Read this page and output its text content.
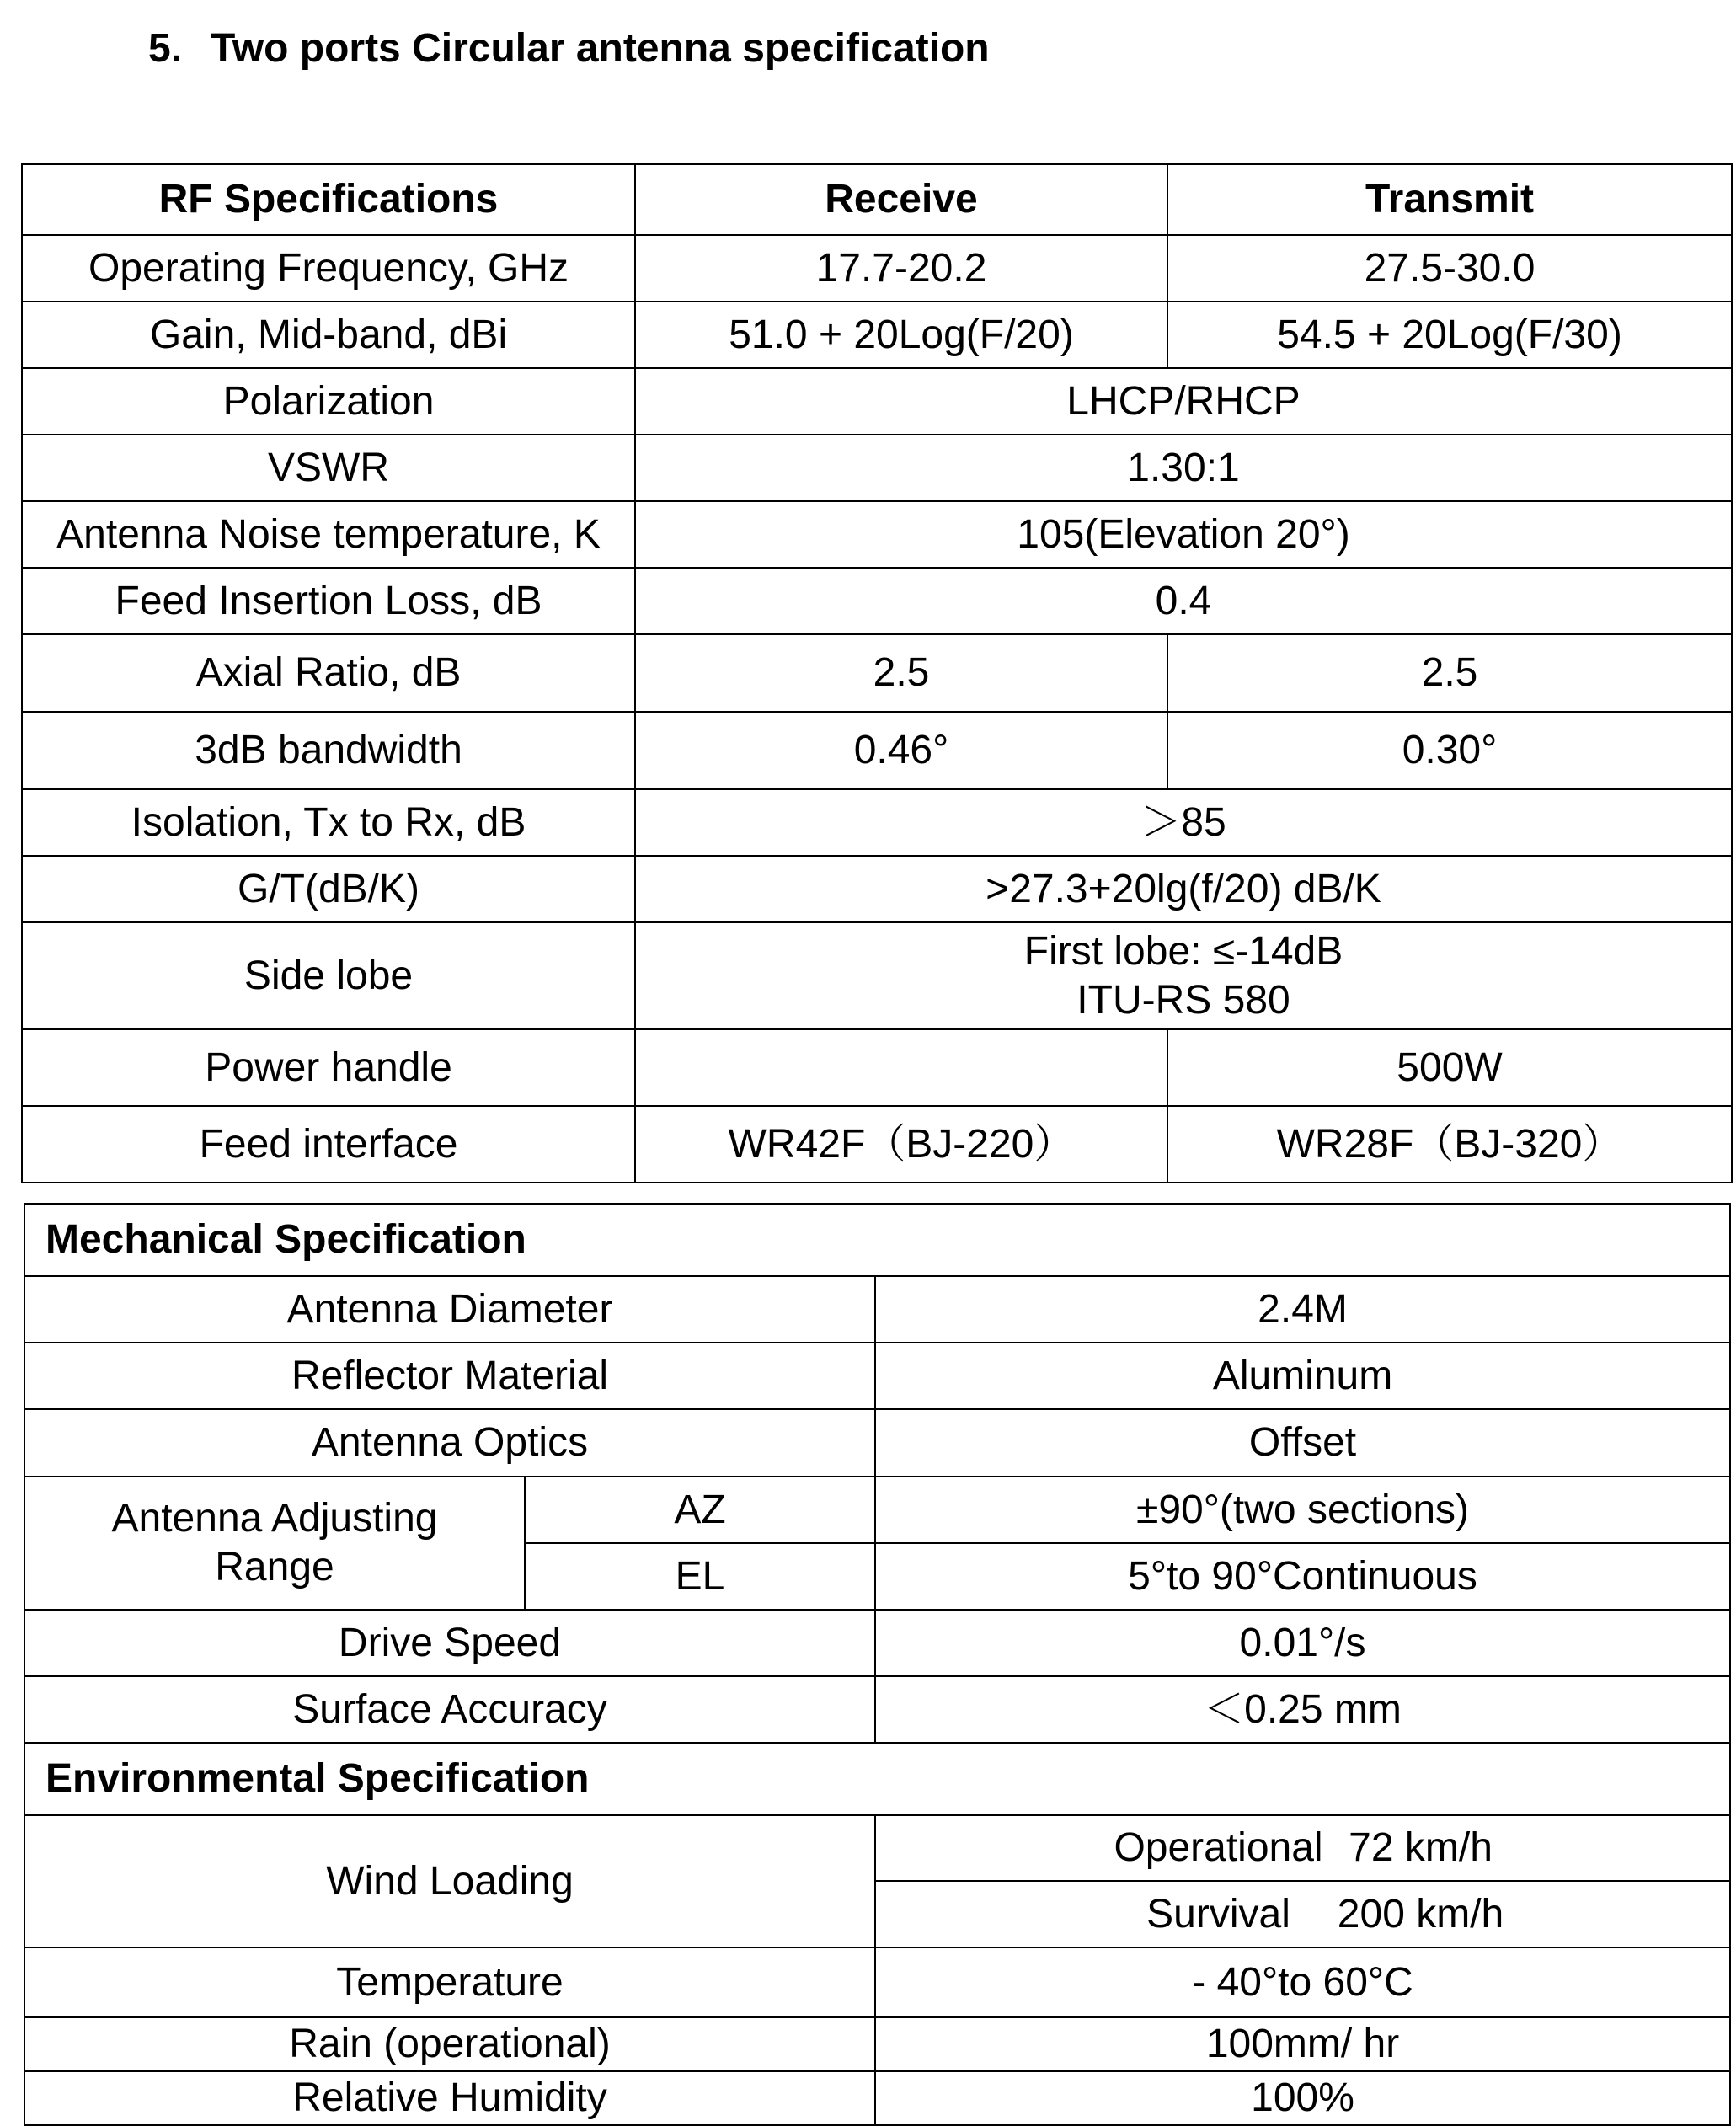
5. Two ports Circular antenna specification
RF Specifications	Receive	Transmit
Operating Frequency, GHz	17.7-20.2	27.5-30.0
Gain, Mid-band, dBi	51.0 + 20Log(F/20)	54.5 + 20Log(F/30)
Polarization	LHCP/RHCP	
VSWR	1.30:1	
Antenna Noise temperature, K	105(Elevation 20°)	
Feed Insertion Loss, dB	0.4	
Axial Ratio, dB	2.5	2.5
3dB bandwidth	0.46°	0.30°
Isolation, Tx to Rx, dB	＞85	
G/T(dB/K)	>27.3+20lg(f/20) dB/K	
Side lobe	First lobe: ≤-14dB
ITU-RS 580	

Power handle		500W
Feed interface	WR42F（BJ-220）	WR28F（BJ-320）
Mechanical Specification		
Antenna Diameter		2.4M
Reflector Material		Aluminum
Antenna Optics		Offset
Antenna Adjusting Range	AZ	±90°(two sections)
	EL	5°to 90°Continuous
Drive Speed		0.01°/s
Surface Accuracy		＜0.25 mm
Environmental Specification		
Wind Loading		Operational 72 km/h

		Survival 200 km/h

Temperature		- 40°to 60°C
Rain (operational)		100mm/ hr
Relative Humidity		100%
